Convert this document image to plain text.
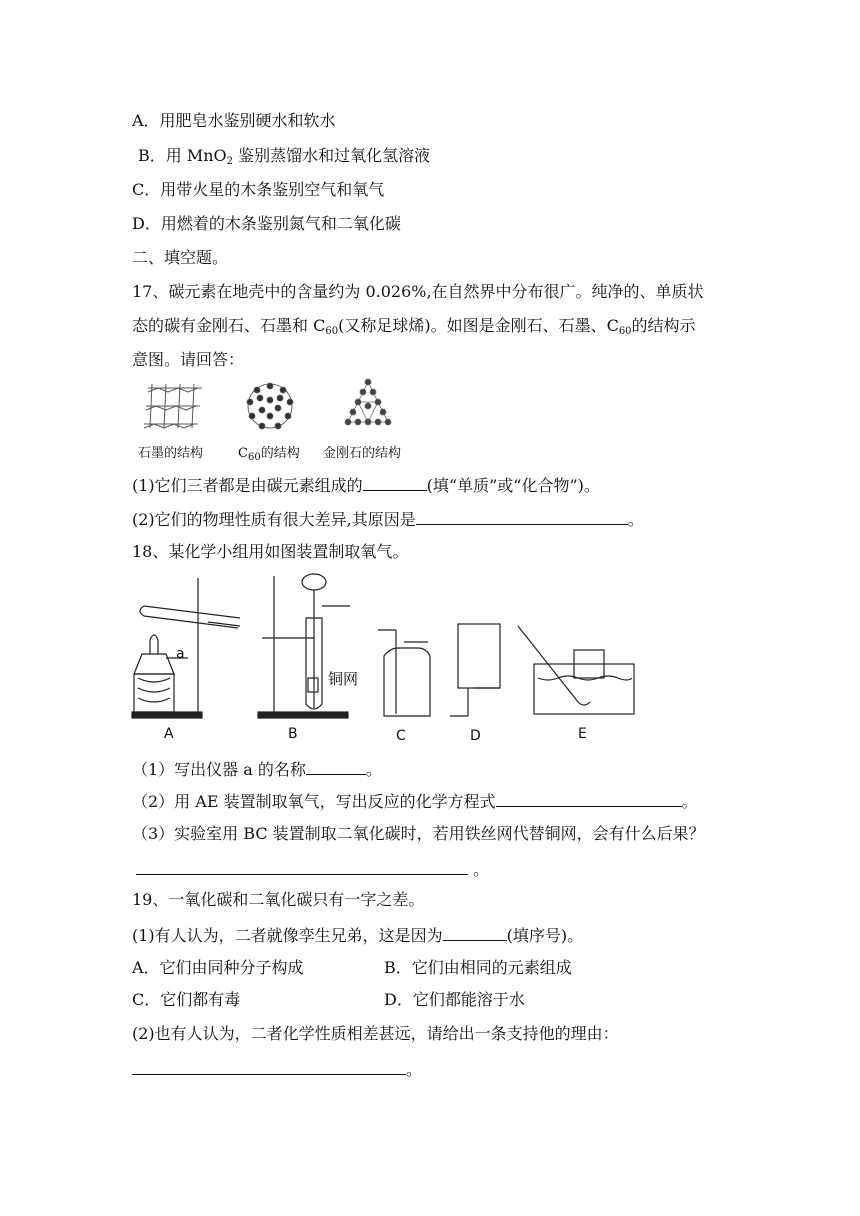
A．用肥皂水鉴别硬水和软水
B．用 MnO$_2$ 鉴别蒸馏水和过氧化氢溶液
C．用带火星的木条鉴别空气和氧气
D．用燃着的木条鉴别氮气和二氧化碳
二、填空题。
17、碳元素在地壳中的含量约为 0.026%,在自然界中分布很广。纯净的、单质状
态的碳有金刚石、石墨和 $C_{60}$(又称足球烯)。如图是金刚石、石墨、$C_{60}$的结构示
意图。请回答：
石墨的结构	$C_{60}$的结构 金刚石的结构
(1)它们三者都是由碳元素组成的	(填“单质”或“化合物”)。
(2)它们的物理性质有很大差异,其原因是	。
18、某化学小组用如图装置制取氧气。
a
铜网
A	B	C	D	E
（1）写出仪器 a 的名称	。
（2）用 AE 装置制取氧气，写出反应的化学方程式	。
（3）实验室用 BC 装置制取二氧化碳时，若用铁丝网代替铜网，会有什么后果？
。
19、一氧化碳和二氧化碳只有一字之差。
(1)有人认为，二者就像孪生兄弟，这是因为	(填序号)。
A．它们由同种分子构成	B．它们由相同的元素组成
C．它们都有毒	D．它们都能溶于水
(2)也有人认为，二者化学性质相差甚远，请给出一条支持他的理由：
。
